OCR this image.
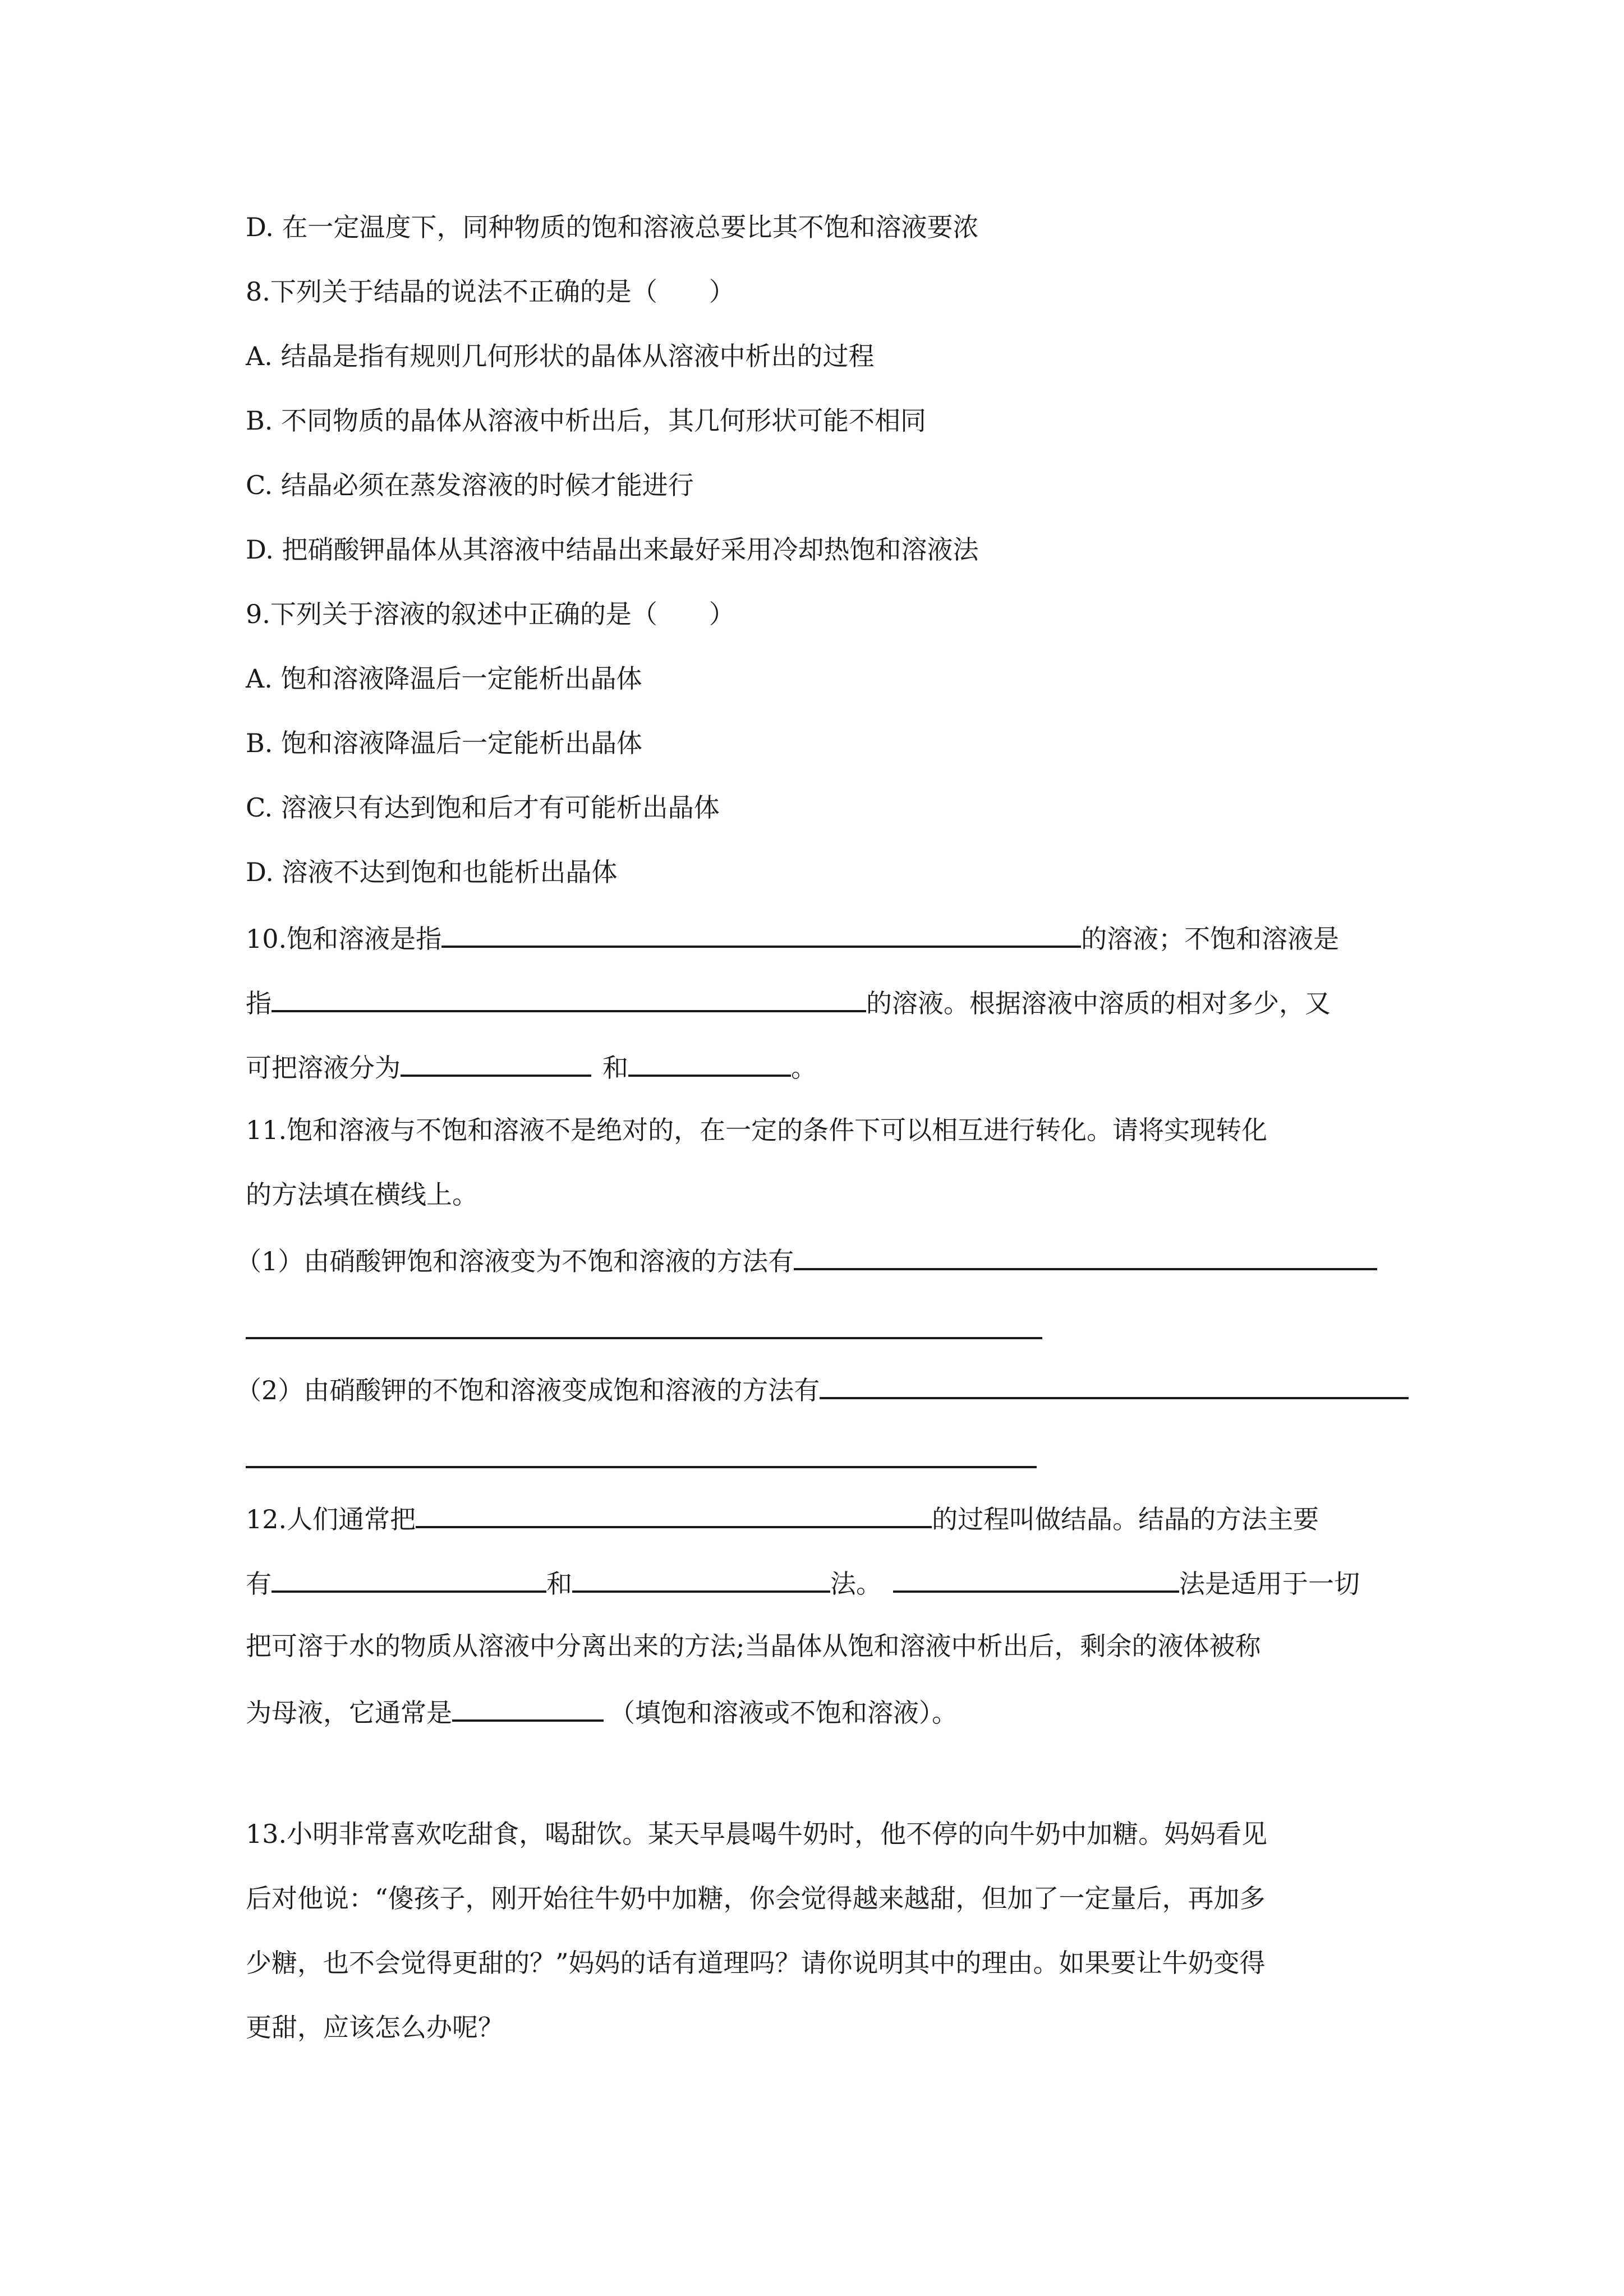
D. 在一定温度下，同种物质的饱和溶液总要比其不饱和溶液要浓
8.下列关于结晶的说法不正确的是（　　）
A. 结晶是指有规则几何形状的晶体从溶液中析出的过程
B. 不同物质的晶体从溶液中析出后，其几何形状可能不相同
C. 结晶必须在蒸发溶液的时候才能进行
D. 把硝酸钾晶体从其溶液中结晶出来最好采用冷却热饱和溶液法
9.下列关于溶液的叙述中正确的是（　　）
A. 饱和溶液降温后一定能析出晶体
B. 饱和溶液降温后一定能析出晶体
C. 溶液只有达到饱和后才有可能析出晶体
D. 溶液不达到饱和也能析出晶体
10.饱和溶液是指	的溶液；不饱和溶液是
指	的溶液。根据溶液中溶质的相对多少，又
可把溶液分为	和	。
11.饱和溶液与不饱和溶液不是绝对的，在一定的条件下可以相互进行转化。请将实现转化
的方法填在横线上。
（1）由硝酸钾饱和溶液变为不饱和溶液的方法有
（2）由硝酸钾的不饱和溶液变成饱和溶液的方法有
12.人们通常把	的过程叫做结晶。结晶的方法主要
有	和	法。	法是适用于一切
把可溶于水的物质从溶液中分离出来的方法;当晶体从饱和溶液中析出后，剩余的液体被称
为母液，它通常是	（填饱和溶液或不饱和溶液）。
13.小明非常喜欢吃甜食，喝甜饮。某天早晨喝牛奶时，他不停的向牛奶中加糖。妈妈看见
后对他说：“傻孩子，刚开始往牛奶中加糖，你会觉得越来越甜，但加了一定量后，再加多
少糖，也不会觉得更甜的？”妈妈的话有道理吗？请你说明其中的理由。如果要让牛奶变得
更甜，应该怎么办呢？
